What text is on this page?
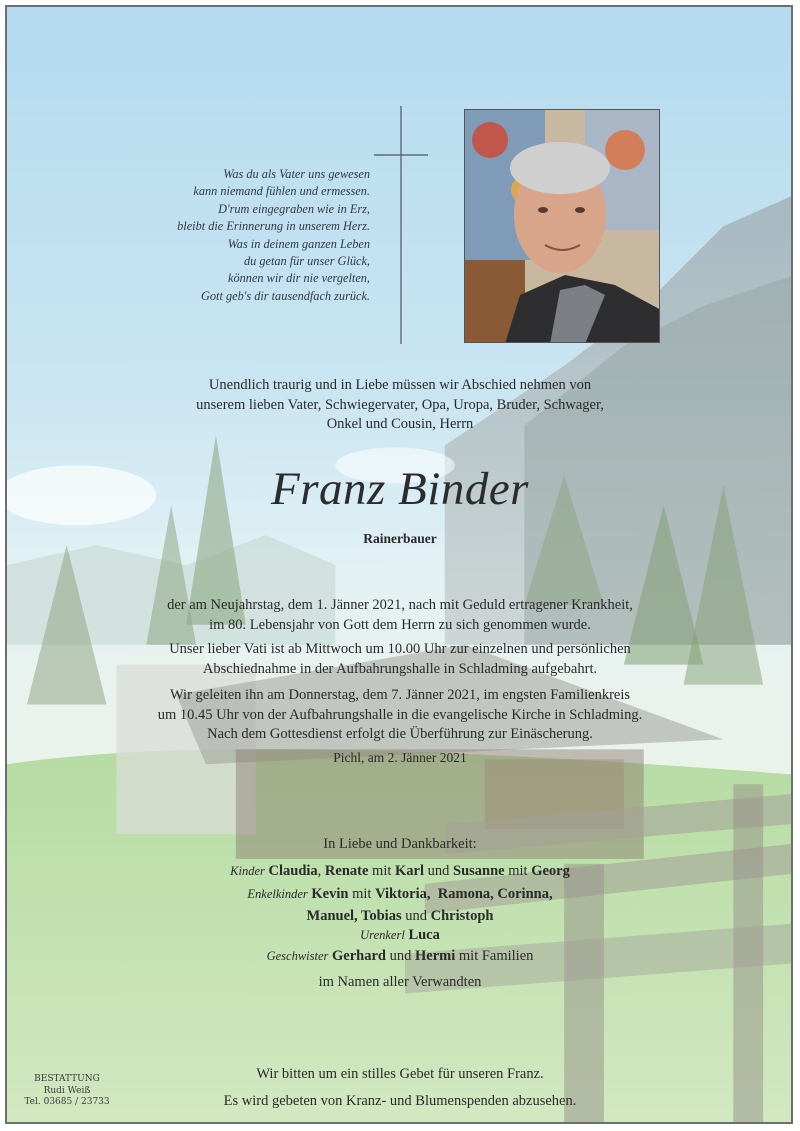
Was du als Vater uns gewesen
kann niemand fühlen und ermessen.
D'rum eingegraben wie in Erz,
bleibt die Erinnerung in unserem Herz.
Was in deinem ganzen Leben
du getan für unser Glück,
können wir dir nie vergelten,
Gott geb's dir tausendfach zurück.
Unendlich traurig und in Liebe müssen wir Abschied nehmen von
unserem lieben Vater, Schwiegervater, Opa, Uropa, Bruder, Schwager,
Onkel und Cousin, Herrn
Franz Binder
Rainerbauer
der am Neujahrstag, dem 1. Jänner 2021, nach mit Geduld ertragener Krankheit,
im 80. Lebensjahr von Gott dem Herrn zu sich genommen wurde.
Unser lieber Vati ist ab Mittwoch um 10.00 Uhr zur einzelnen und persönlichen
Abschiednahme in der Aufbahrungshalle in Schladming aufgebahrt.
Wir geleiten ihn am Donnerstag, dem 7. Jänner 2021, im engsten Familienkreis
um 10.45 Uhr von der Aufbahrungshalle in die evangelische Kirche in Schladming.
Nach dem Gottesdienst erfolgt die Überführung zur Einäscherung.
Pichl, am 2. Jänner 2021
In Liebe und Dankbarkeit:
Kinder Claudia, Renate mit Karl und Susanne mit Georg
Enkelkinder Kevin mit Viktoria, Ramona, Corinna,
Manuel, Tobias und Christoph
Urenkerl Luca
Geschwister Gerhard und Hermi mit Familien
im Namen aller Verwandten
Wir bitten um ein stilles Gebet für unseren Franz.
Es wird gebeten von Kranz- und Blumenspenden abzusehen.
BESTATTUNG
Rudi Weiß
Tel. 03685 / 23733
